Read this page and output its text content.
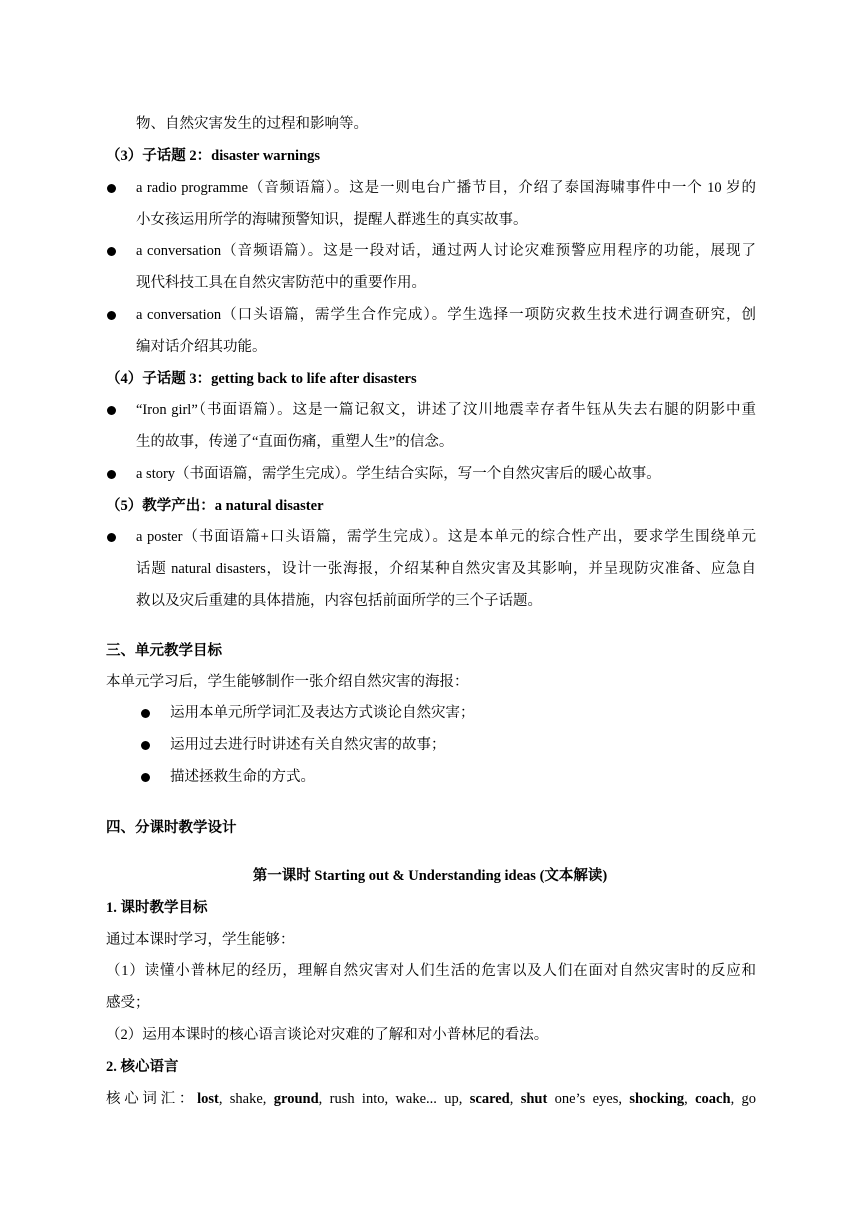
物、自然灾害发生的过程和影响等。
（3）子话题 2：disaster warnings
a radio programme（音频语篇）。这是一则电台广播节目，介绍了泰国海啸事件中一个 10 岁的
小女孩运用所学的海啸预警知识，提醒人群逃生的真实故事。
a conversation（音频语篇）。这是一段对话，通过两人讨论灾难预警应用程序的功能，展现了
现代科技工具在自然灾害防范中的重要作用。
a conversation（口头语篇，需学生合作完成）。学生选择一项防灾救生技术进行调查研究，创
编对话介绍其功能。
（4）子话题 3：getting back to life after disasters
“Iron girl”（书面语篇）。这是一篇记叙文，讲述了汶川地震幸存者牛钰从失去右腿的阴影中重
生的故事，传递了“直面伤痛，重塑人生”的信念。
a story（书面语篇，需学生完成）。学生结合实际，写一个自然灾害后的暖心故事。
（5）教学产出：a natural disaster
a poster（书面语篇+口头语篇，需学生完成）。这是本单元的综合性产出，要求学生围绕单元
话题 natural disasters，设计一张海报，介绍某种自然灾害及其影响，并呈现防灾准备、应急自
救以及灾后重建的具体措施，内容包括前面所学的三个子话题。
三、单元教学目标
本单元学习后，学生能够制作一张介绍自然灾害的海报：
运用本单元所学词汇及表达方式谈论自然灾害；
运用过去进行时讲述有关自然灾害的故事；
描述拯救生命的方式。
四、分课时教学设计
第一课时 Starting out & Understanding ideas (文本解读)
1. 课时教学目标
通过本课时学习，学生能够：
（1）读懂小普林尼的经历，理解自然灾害对人们生活的危害以及人们在面对自然灾害时的反应和
感受；
（2）运用本课时的核心语言谈论对灾难的了解和对小普林尼的看法。
2. 核心语言
核心词汇：lost, shake, ground, rush into, wake... up, scared, shut one’s eyes, shocking, coach, go
